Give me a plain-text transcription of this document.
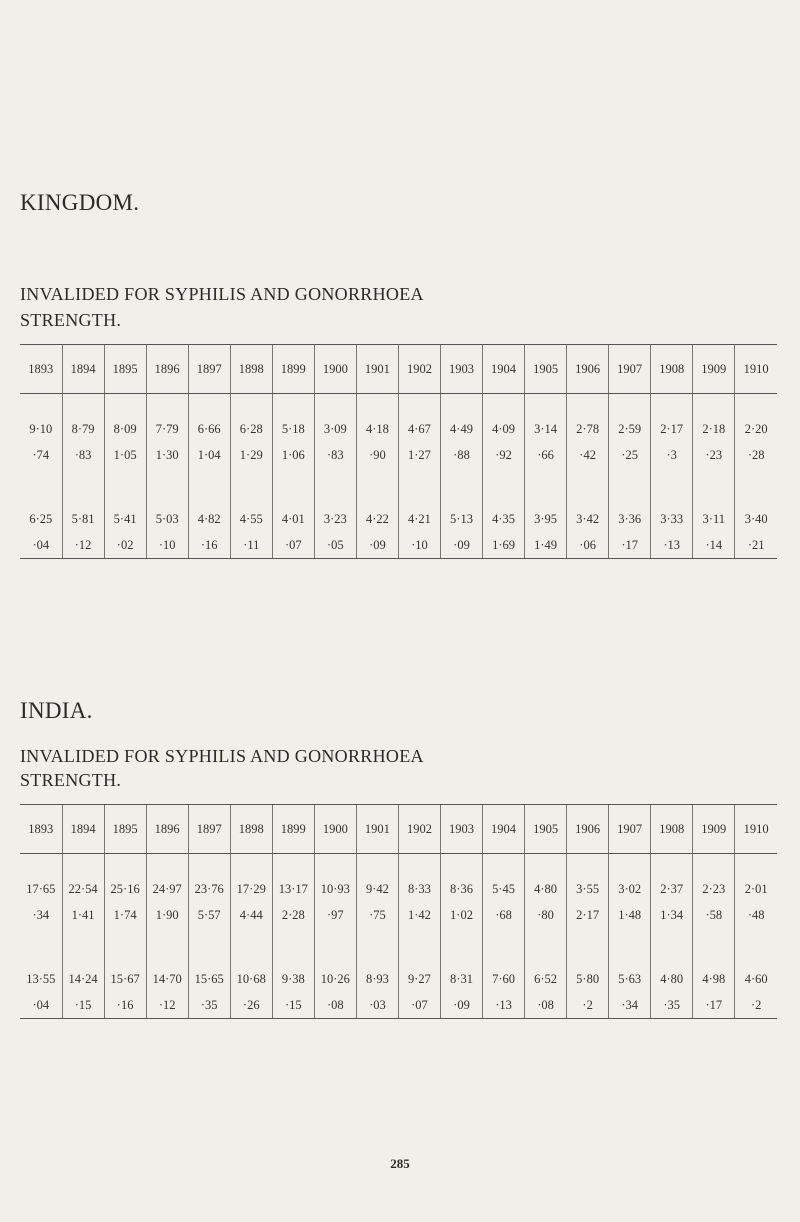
KINGDOM.
INVALIDED FOR SYPHILIS AND GONORRHOEA
STRENGTH.
1893	1894	1895	1896	1897	1898	1899	1900	1901	1902	1903	1904	1905	1906	1907	1908	1909	1910

9·10	8·79	8·09	7·79	6·66	6·28	5·18	3·09	4·18	4·67	4·49	4·09	3·14	2·78	2·59	2·17	2·18	2·20
·74	·83	1·05	1·30	1·04	1·29	1·06	·83	·90	1·27	·88	·92	·66	·42	·25	·3	·23	·28

6·25	5·81	5·41	5·03	4·82	4·55	4·01	3·23	4·22	4·21	5·13	4·35	3·95	3·42	3·36	3·33	3·11	3·40
·04	·12	·02	·10	·16	·11	·07	·05	·09	·10	·09	1·69	1·49	·06	·17	·13	·14	·21
INDIA.
INVALIDED FOR SYPHILIS AND GONORRHOEA
STRENGTH.
1893	1894	1895	1896	1897	1898	1899	1900	1901	1902	1903	1904	1905	1906	1907	1908	1909	1910

17·65	22·54	25·16	24·97	23·76	17·29	13·17	10·93	9·42	8·33	8·36	5·45	4·80	3·55	3·02	2·37	2·23	2·01
·34	1·41	1·74	1·90	5·57	4·44	2·28	·97	·75	1·42	1·02	·68	·80	2·17	1·48	1·34	·58	·48

13·55	14·24	15·67	14·70	15·65	10·68	9·38	10·26	8·93	9·27	8·31	7·60	6·52	5·80	5·63	4·80	4·98	4·60
·04	·15	·16	·12	·35	·26	·15	·08	·03	·07	·09	·13	·08	·2	·34	·35	·17	·2
285
